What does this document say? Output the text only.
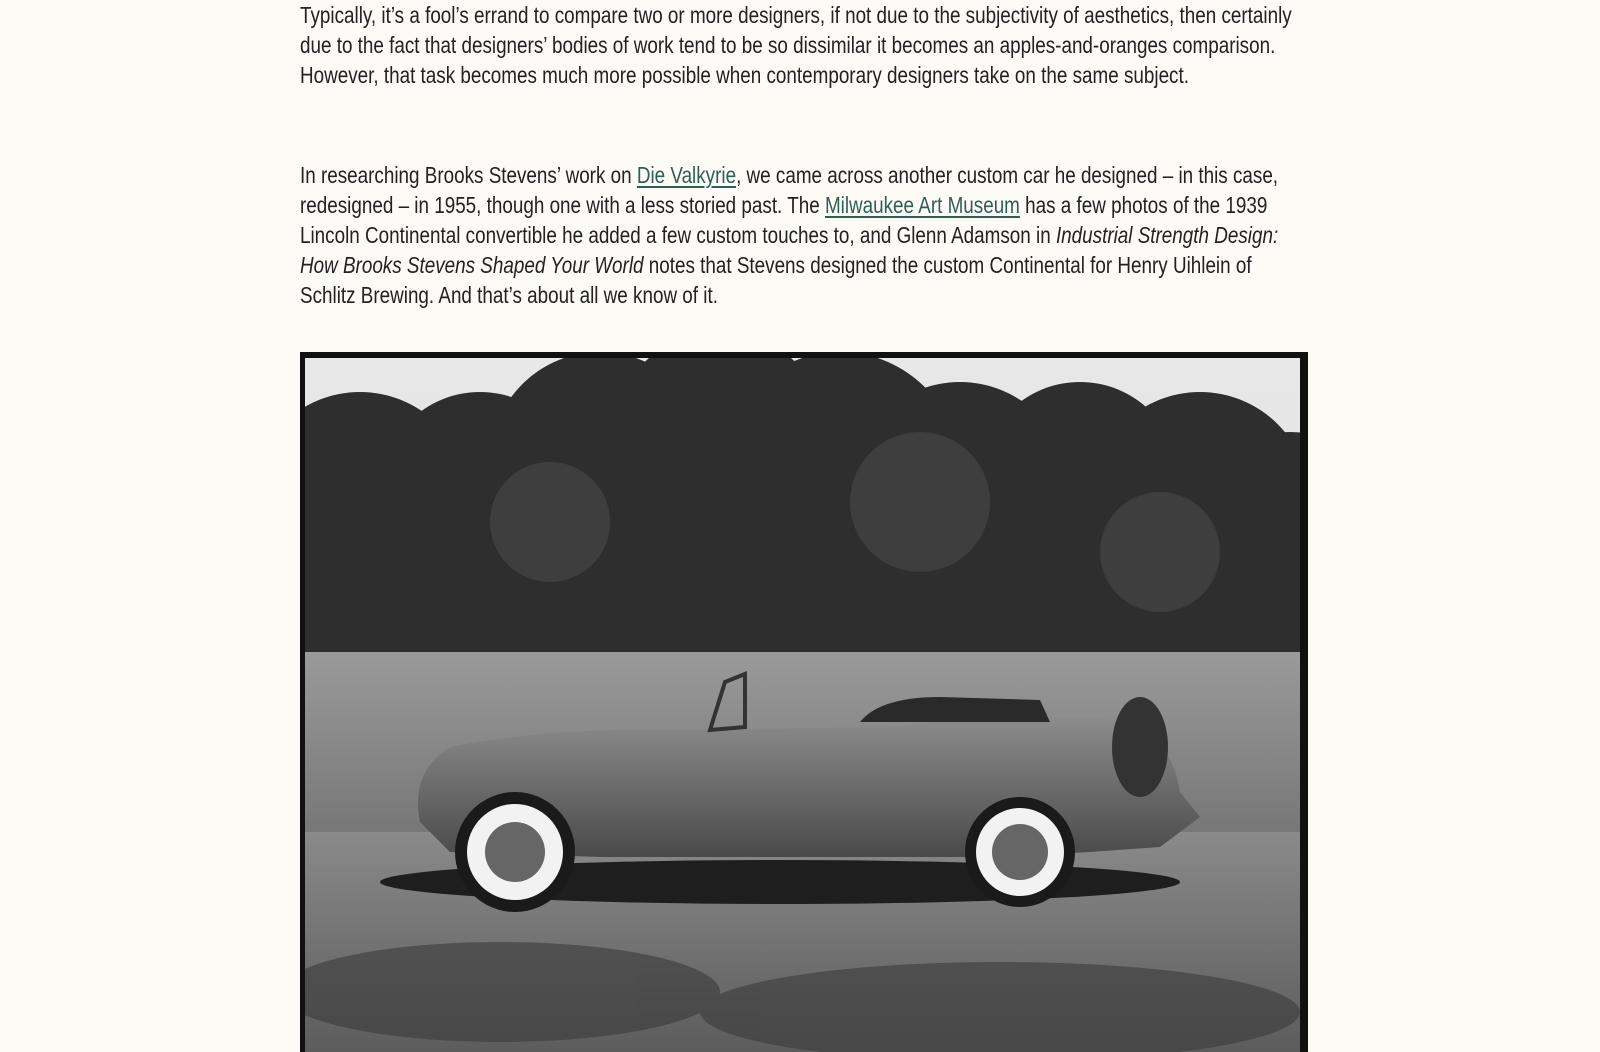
Typically, it’s a fool’s errand to compare two or more designers, if not due to the subjectivity of aesthetics, then certainly due to the fact that designers’ bodies of work tend to be so dissimilar it becomes an apples-and-oranges comparison. However, that task becomes much more possible when contemporary designers take on the same subject.

In researching Brooks Stevens’ work on Die Valkyrie, we came across another custom car he designed – in this case, redesigned – in 1955, though one with a less storied past. The Milwaukee Art Museum has a few photos of the 1939 Lincoln Continental convertible he added a few custom touches to, and Glenn Adamson in Industrial Strength Design: How Brooks Stevens Shaped Your World notes that Stevens designed the custom Continental for Henry Uihlein of Schlitz Brewing. And that’s about all we know of it.
